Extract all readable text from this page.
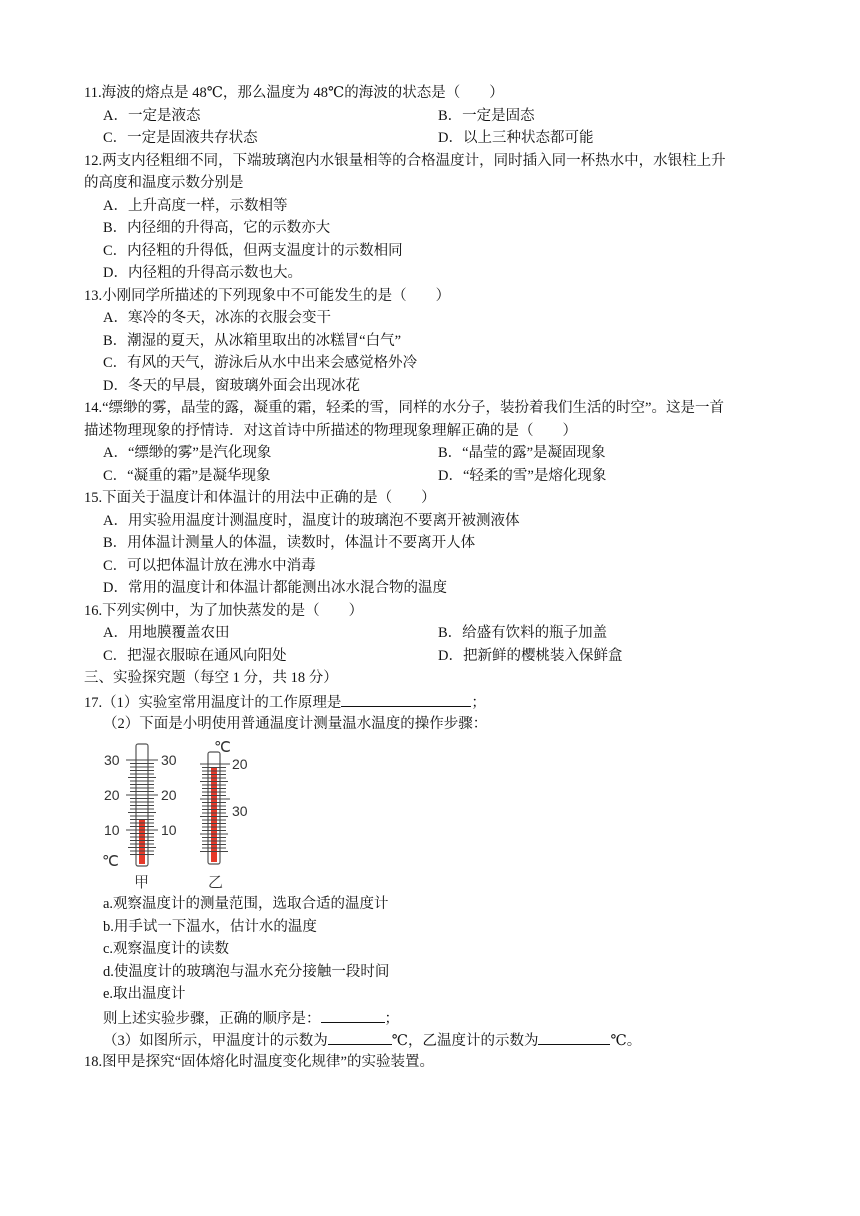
11.海波的熔点是 48℃，那么温度为 48℃的海波的状态是（　　）
A．一定是液态	B．一定是固态
C．一定是固液共存状态	D．以上三种状态都可能
12.两支内径粗细不同，下端玻璃泡内水银量相等的合格温度计，同时插入同一杯热水中，水银柱上升
的高度和温度示数分别是
A．上升高度一样，示数相等
B．内径细的升得高，它的示数亦大
C．内径粗的升得低，但两支温度计的示数相同
D．内径粗的升得高示数也大。
13.小刚同学所描述的下列现象中不可能发生的是（　　）
A．寒冷的冬天，冰冻的衣服会变干
B．潮湿的夏天，从冰箱里取出的冰糕冒“白气”
C．有风的天气，游泳后从水中出来会感觉格外冷
D．冬天的早晨，窗玻璃外面会出现冰花
14.“缥缈的雾，晶莹的露，凝重的霜，轻柔的雪，同样的水分子，装扮着我们生活的时空”。这是一首
描述物理现象的抒情诗．对这首诗中所描述的物理现象理解正确的是（　　）
A．“缥缈的雾”是汽化现象	B．“晶莹的露”是凝固现象
C．“凝重的霜”是凝华现象	D．“轻柔的雪”是熔化现象
15.下面关于温度计和体温计的用法中正确的是（　　）
A．用实验用温度计测温度时，温度计的玻璃泡不要离开被测液体
B．用体温计测量人的体温，读数时，体温计不要离开人体
C．可以把体温计放在沸水中消毒
D．常用的温度计和体温计都能测出冰水混合物的温度
16.下列实例中，为了加快蒸发的是（　　）
A．用地膜覆盖农田	B．给盛有饮料的瓶子加盖
C．把湿衣服晾在通风向阳处	D．把新鲜的樱桃装入保鲜盒
三、实验探究题（每空 1 分，共 18 分）
17.（1）实验室常用温度计的工作原理是	；
（2）下面是小明使用普通温度计测量温水温度的操作步骤：
30
20
10
30
20
10
℃
甲
℃
20
30
乙
a.观察温度计的测量范围，选取合适的温度计
b.用手试一下温水，估计水的温度
c.观察温度计的读数
d.使温度计的玻璃泡与温水充分接触一段时间
e.取出温度计
则上述实验步骤，正确的顺序是：	；
（3）如图所示，甲温度计的示数为	℃，乙温度计的示数为	℃。
18.图甲是探究“固体熔化时温度变化规律”的实验装置。
